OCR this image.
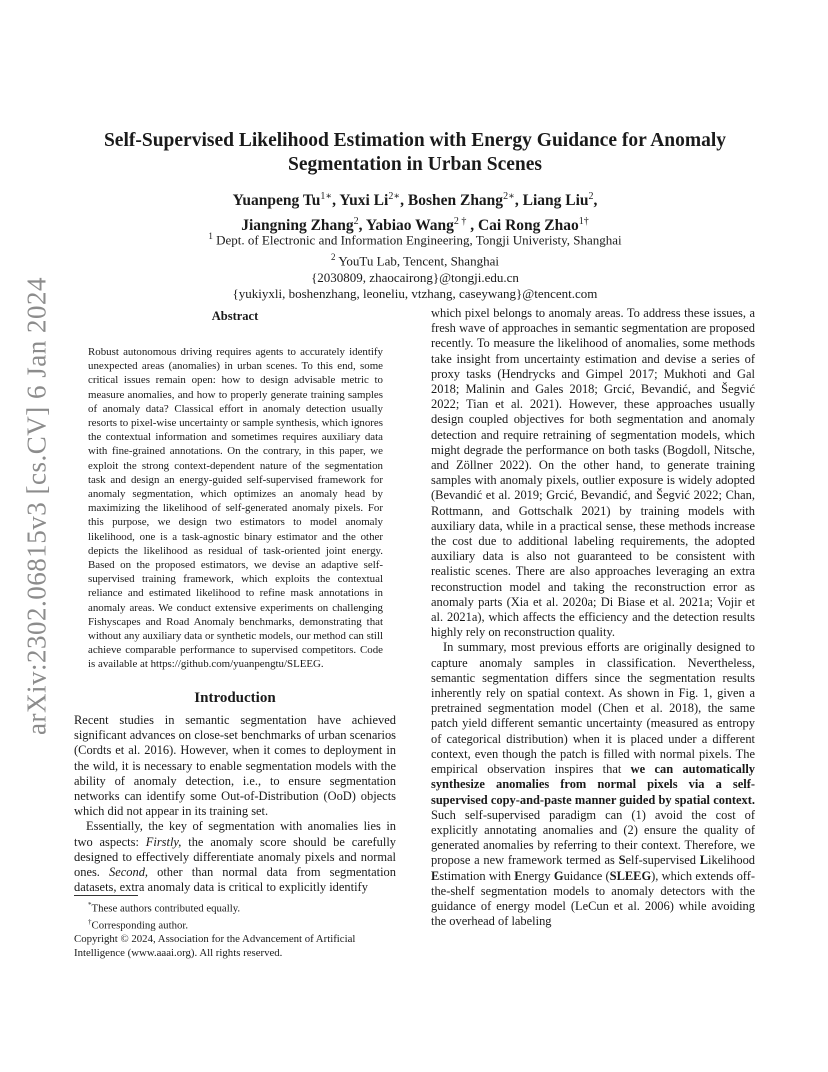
arXiv:2302.06815v3 [cs.CV] 6 Jan 2024
Self-Supervised Likelihood Estimation with Energy Guidance for Anomaly
Segmentation in Urban Scenes
Yuanpeng $Tu^{1∗}$, Yuxi $Li^{2∗}$, Boshen Zhang$^{2∗}$, Liang Liu$^2$,
Jiangning Zhang$^2$, Yabiao Wang$^{2 \dagger}$ , Cai Rong Zhao$^{1\dagger}$
$^1$ Dept. of Electronic and Information Engineering, Tongji Univeristy, Shanghai
$^2$ YouTu Lab, Tencent, Shanghai
{2030809, zhaocairong}@tongji.edu.cn
{yukiyxli, boshenzhang, leoneliu, vtzhang, caseywang}@tencent.com
Abstract

Robust autonomous driving requires agents to accurately identify unexpected areas (anomalies) in urban scenes. To this end, some critical issues remain open: how to design advisable metric to measure anomalies, and how to properly generate training samples of anomaly data? Classical effort in anomaly detection usually resorts to pixel-wise uncertainty or sample synthesis, which ignores the contextual information and sometimes requires auxiliary data with fine-grained annotations. On the contrary, in this paper, we exploit the strong context-dependent nature of the segmentation task and design an energy-guided self-supervised framework for anomaly segmentation, which optimizes an anomaly head by maximizing the likelihood of self-generated anomaly pixels. For this purpose, we design two estimators to model anomaly likelihood, one is a task-agnostic binary estimator and the other depicts the likelihood as residual of task-oriented joint energy. Based on the proposed estimators, we devise an adaptive self-supervised training framework, which exploits the contextual reliance and estimated likelihood to refine mask annotations in anomaly areas. We conduct extensive experiments on challenging Fishyscapes and Road Anomaly benchmarks, demonstrating that without any auxiliary data or synthetic models, our method can still achieve comparable performance to supervised competitors. Code is available at https://github.com/yuanpengtu/SLEEG.

Introduction

Recent studies in semantic segmentation have achieved significant advances on close-set benchmarks of urban scenarios (Cordts et al. 2016). However, when it comes to deployment in the wild, it is necessary to enable segmentation models with the ability of anomaly detection, i.e., to ensure segmentation networks can identify some Out-of-Distribution (OoD) objects which did not appear in its training set.

Essentially, the key of segmentation with anomalies lies in two aspects: Firstly, the anomaly score should be carefully designed to effectively differentiate anomaly pixels and normal ones. Second, other than normal data from segmentation datasets, extra anomaly data is critical to explicitly identify

*These authors contributed equally.

†Corresponding author.

Copyright © 2024, Association for the Advancement of Artificial Intelligence (www.aaai.org). All rights reserved.

which pixel belongs to anomaly areas. To address these issues, a fresh wave of approaches in semantic segmentation are proposed recently. To measure the likelihood of anomalies, some methods take insight from uncertainty estimation and devise a series of proxy tasks (Hendrycks and Gimpel 2017; Mukhoti and Gal 2018; Malinin and Gales 2018; Grcić, Bevandić, and Šegvić 2022; Tian et al. 2021). However, these approaches usually design coupled objectives for both segmentation and anomaly detection and require retraining of segmentation models, which might degrade the performance on both tasks (Bogdoll, Nitsche, and Zöllner 2022). On the other hand, to generate training samples with anomaly pixels, outlier exposure is widely adopted (Bevandić et al. 2019; Grcić, Bevandić, and Šegvić 2022; Chan, Rottmann, and Gottschalk 2021) by training models with auxiliary data, while in a practical sense, these methods increase the cost due to additional labeling requirements, the adopted auxiliary data is also not guaranteed to be consistent with realistic scenes. There are also approaches leveraging an extra reconstruction model and taking the reconstruction error as anomaly parts (Xia et al. 2020a; Di Biase et al. 2021a; Vojir et al. 2021a), which affects the efficiency and the detection results highly rely on reconstruction quality.

In summary, most previous efforts are originally designed to capture anomaly samples in classification. Nevertheless, semantic segmentation differs since the segmentation results inherently rely on spatial context. As shown in Fig. 1, given a pretrained segmentation model (Chen et al. 2018), the same patch yield different semantic uncertainty (measured as entropy of categorical distribution) when it is placed under a different context, even though the patch is filled with normal pixels. The empirical observation inspires that we can automatically synthesize anomalies from normal pixels via a self-supervised copy-and-paste manner guided by spatial context. Such self-supervised paradigm can (1) avoid the cost of explicitly annotating anomalies and (2) ensure the quality of generated anomalies by referring to their context. Therefore, we propose a new framework termed as Self-supervised Likelihood Estimation with Energy Guidance (SLEEG), which extends off-the-shelf segmentation models to anomaly detectors with the guidance of energy model (LeCun et al. 2006) while avoiding the overhead of labeling
